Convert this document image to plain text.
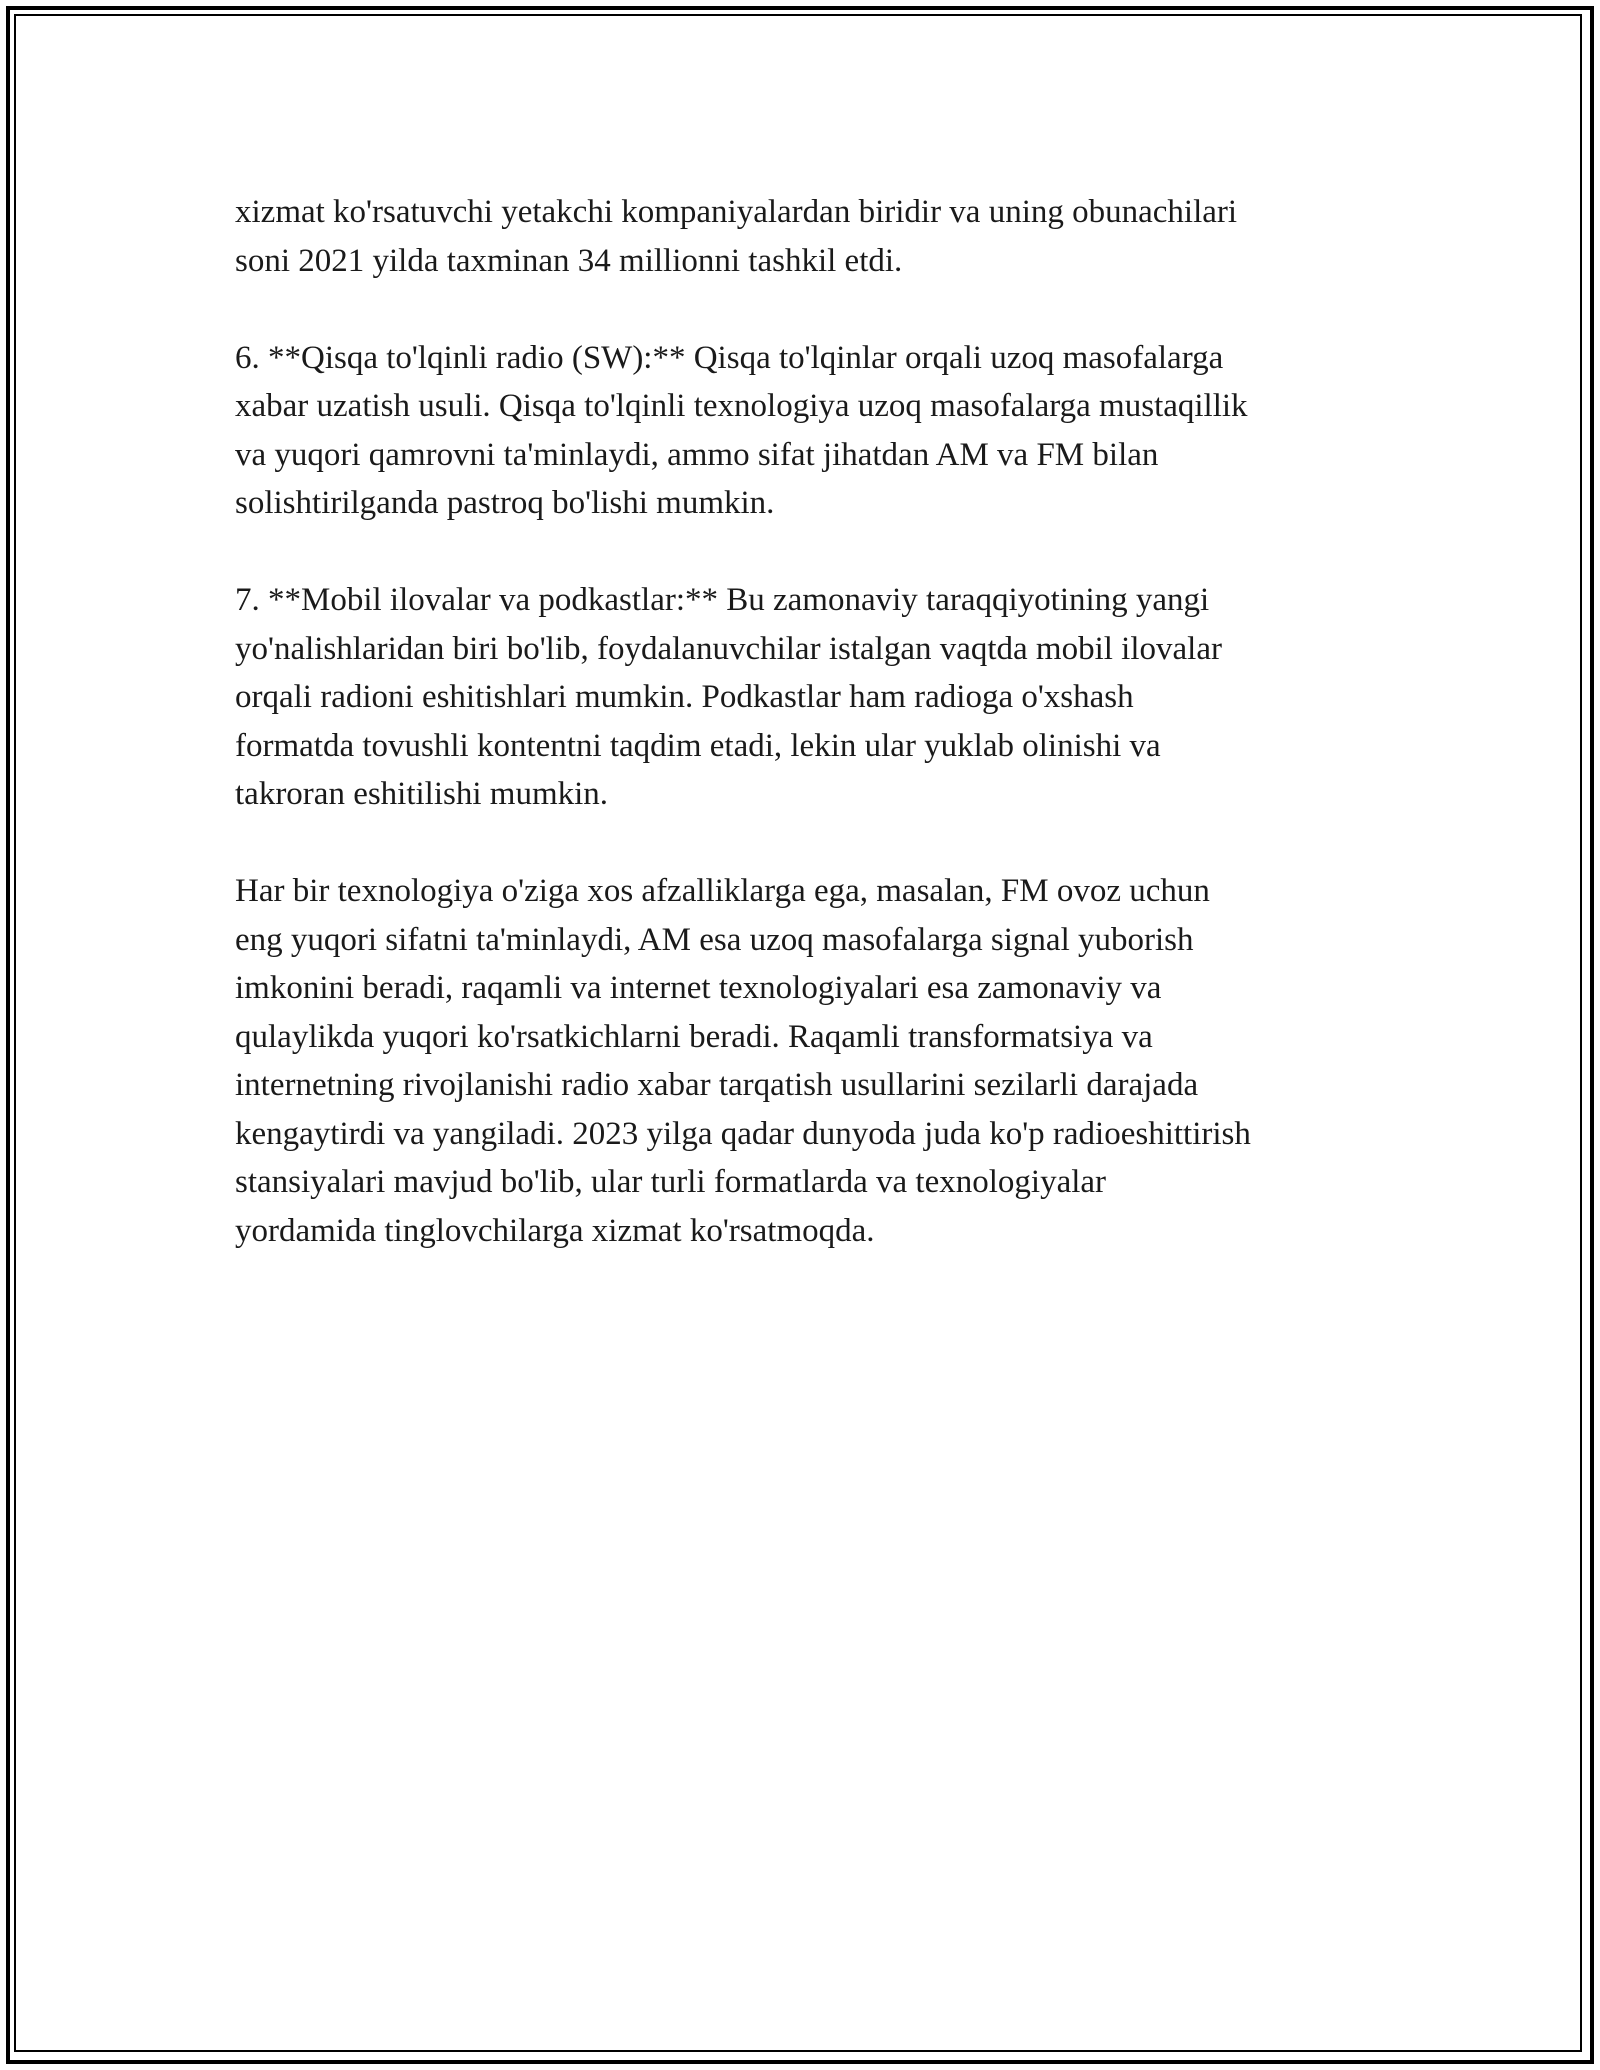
xizmat ko'rsatuvchi yetakchi kompaniyalardan biridir va uning obunachilari
soni 2021 yilda taxminan 34 millionni tashkil etdi.

6. **Qisqa to'lqinli radio (SW):** Qisqa to'lqinlar orqali uzoq masofalarga
xabar uzatish usuli. Qisqa to'lqinli texnologiya uzoq masofalarga mustaqillik
va yuqori qamrovni ta'minlaydi, ammo sifat jihatdan AM va FM bilan
solishtirilganda pastroq bo'lishi mumkin.

7. **Mobil ilovalar va podkastlar:** Bu zamonaviy taraqqiyotining yangi
yo'nalishlaridan biri bo'lib, foydalanuvchilar istalgan vaqtda mobil ilovalar
orqali radioni eshitishlari mumkin. Podkastlar ham radioga o'xshash
formatda tovushli kontentni taqdim etadi, lekin ular yuklab olinishi va
takroran eshitilishi mumkin.

Har bir texnologiya o'ziga xos afzalliklarga ega, masalan, FM ovoz uchun
eng yuqori sifatni ta'minlaydi, AM esa uzoq masofalarga signal yuborish
imkonini beradi, raqamli va internet texnologiyalari esa zamonaviy va
qulaylikda yuqori ko'rsatkichlarni beradi. Raqamli transformatsiya va
internetning rivojlanishi radio xabar tarqatish usullarini sezilarli darajada
kengaytirdi va yangiladi. 2023 yilga qadar dunyoda juda ko'p radioeshittirish
stansiyalari mavjud bo'lib, ular turli formatlarda va texnologiyalar
yordamida tinglovchilarga xizmat ko'rsatmoqda.
